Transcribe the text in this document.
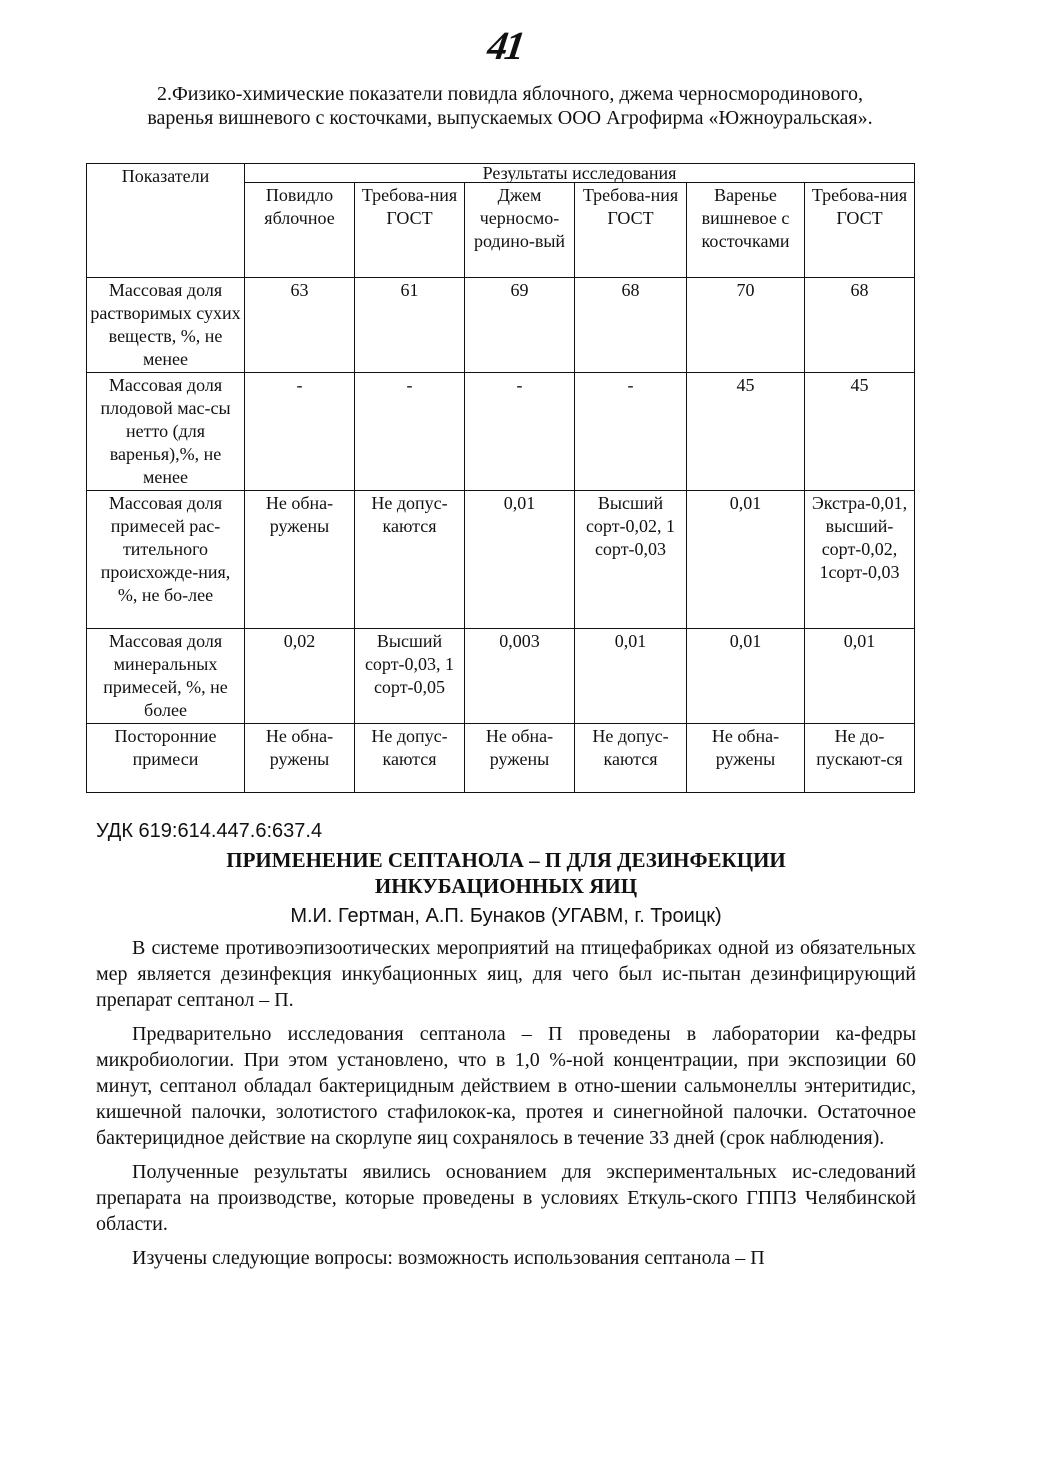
41
2.Физико-химические показатели повидла яблочного, джема черносмородинового, варенья вишневого с косточками, выпускаемых ООО Агрофирма «Южноуральская».
Показатели	Результаты исследования					
	Повидло яблочное	Требова-ния ГОСТ	Джем черносмо-родино-вый	Требова-ния ГОСТ	Варенье вишневое с косточками	Требова-ния ГОСТ
Массовая доля растворимых сухих веществ, %, не менее	63	61	69	68	70	68
Массовая доля плодовой мас-сы нетто (для варенья),%, не менее	-	-	-	-	45	45
Массовая доля примесей рас-тительного происхожде-ния, %, не бо-лее	Не обна-ружены	Не допус-каются	0,01	Высший сорт-0,02, 1 сорт-0,03	0,01	Экстра-0,01, высший-сорт-0,02, 1сорт-0,03
Массовая доля минеральных примесей, %, не более	0,02	Высший сорт-0,03, 1 сорт-0,05	0,003	0,01	0,01	0,01
Посторонние примеси	Не обна-ружены	Не допус-каются	Не обна-ружены	Не допус-каются	Не обна-ружены	Не до-пускают-ся

УДК 619:614.447.6:637.4

ПРИМЕНЕНИЕ СЕПТАНОЛА – П ДЛЯ ДЕЗИНФЕКЦИИ ИНКУБАЦИОННЫХ ЯИЦ

М.И. Гертман, А.П. Бунаков (УГАВМ, г. Троицк)

В системе противоэпизоотических мероприятий на птицефабриках одной из обязательных мер является дезинфекция инкубационных яиц, для чего был ис-пытан дезинфицирующий препарат септанол – П.

Предварительно исследования септанола – П проведены в лаборатории ка-федры микробиологии. При этом установлено, что в 1,0 %-ной концентрации, при экспозиции 60 минут, септанол обладал бактерицидным действием в отно-шении сальмонеллы энтеритидис, кишечной палочки, золотистого стафилокок-ка, протея и синегнойной палочки. Остаточное бактерицидное действие на скорлупе яиц сохранялось в течение 33 дней (срок наблюдения).

Полученные результаты явились основанием для экспериментальных ис-следований препарата на производстве, которые проведены в условиях Еткуль-ского ГППЗ Челябинской области.

Изучены следующие вопросы: возможность использования септанола – П
